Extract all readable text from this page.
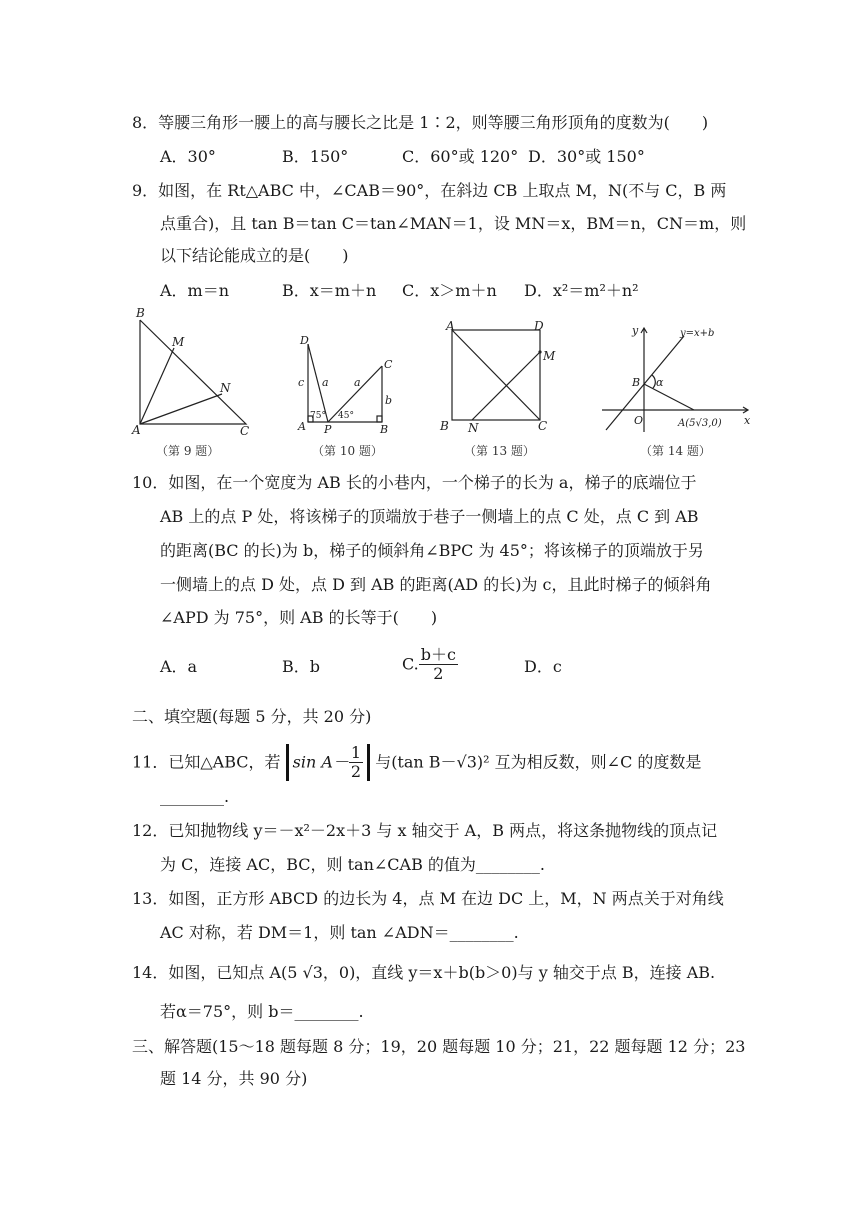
8．等腰三角形一腰上的高与腰长之比是 1∶2，则等腰三角形顶角的度数为(　　)
A．30°	B．150°	C．60°或 120° D．30°或 150°
9．如图，在 Rt△ABC 中，∠CAB＝90°，在斜边 CB 上取点 M，N(不与 C，B 两
点重合)，且 tan B＝tan C＝tan∠MAN＝1，设 MN＝x，BM＝n，CN＝m，则
以下结论能成立的是(　　)
A．m＝n	B．x＝m＋n C．x＞m＋n D．x²＝m²＋n²
B
M
N
A	C
（第 9 题）
D
C
c a a
b
A P	B
75° 45°
（第 10 题）
A	D
M
B N	C
（第 13 题）
y	y=x+b
B α
O	A(5√3,0) x
（第 14 题）
10．如图，在一个宽度为 AB 长的小巷内，一个梯子的长为 a，梯子的底端位于
AB 上的点 P 处，将该梯子的顶端放于巷子一侧墙上的点 C 处，点 C 到 AB
的距离(BC 的长)为 b，梯子的倾斜角∠BPC 为 45°；将该梯子的顶端放于另
一侧墙上的点 D 处，点 D 到 AB 的距离(AD 的长)为 c，且此时梯子的倾斜角
∠APD 为 75°，则 AB 的长等于(　　)
A．a	B．b	C. $\frac{b+c}{2}$	D．c
二、填空题(每题 5 分，共 20 分)
11．已知△ABC，若 $\sin A- \frac{1}{2}$ 与(tan B－√3)² 互为相反数，则∠C 的度数是
________.
12．已知抛物线 y＝－x²－2x＋3 与 x 轴交于 A，B 两点，将这条抛物线的顶点记
为 C，连接 AC，BC，则 tan∠CAB 的值为________.
13．如图，正方形 ABCD 的边长为 4，点 M 在边 DC 上，M，N 两点关于对角线
AC 对称，若 DM＝1，则 tan ∠ADN＝________.
14．如图，已知点 A(5 √3，0)，直线 y＝x＋b(b＞0)与 y 轴交于点 B，连接 AB.
若α＝75°，则 b＝________.
三、解答题(15～18 题每题 8 分；19，20 题每题 10 分；21，22 题每题 12 分；23
题 14 分，共 90 分)
